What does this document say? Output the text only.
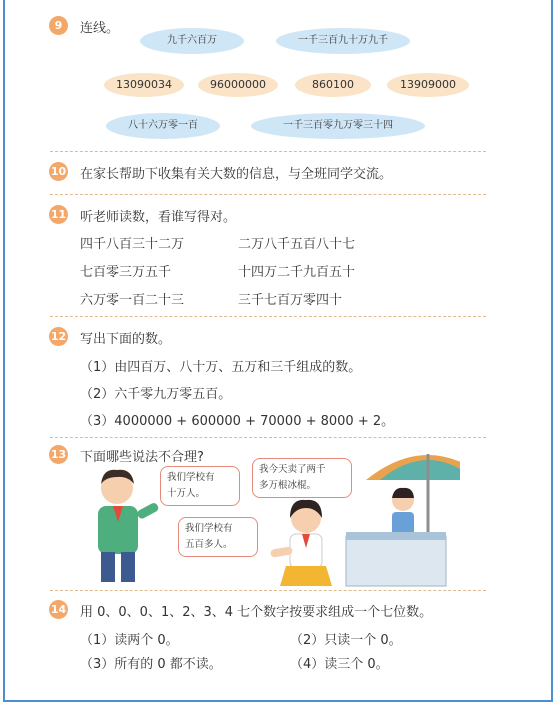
9	连线。
九千六百万	一千三百九十万九千
13090034	96000000	860100	13909000
八十六万零一百	一千三百零九万零三十四
10 在家长帮助下收集有关大数的信息，与全班同学交流。
11 听老师读数，看谁写得对。
四千八百三十二万	二万八千五百八十七
七百零三万五千	十四万二千九百五十
六万零一百二十三	三千七百万零四十
12 写出下面的数。
（1）由四百万、八十万、五万和三千组成的数。
（2）六千零九万零五百。
（3）4000000 + 600000 + 70000 + 8000 + 2。
13 下面哪些说法不合理?
我们学校有
十万人。
我今天卖了两千
多万根冰棍。
我们学校有
五百多人。
14 用 0、0、0、1、2、3、4 七个数字按要求组成一个七位数。
（1）读两个 0。	（2）只读一个 0。
（3）所有的 0 都不读。	（4）读三个 0。
